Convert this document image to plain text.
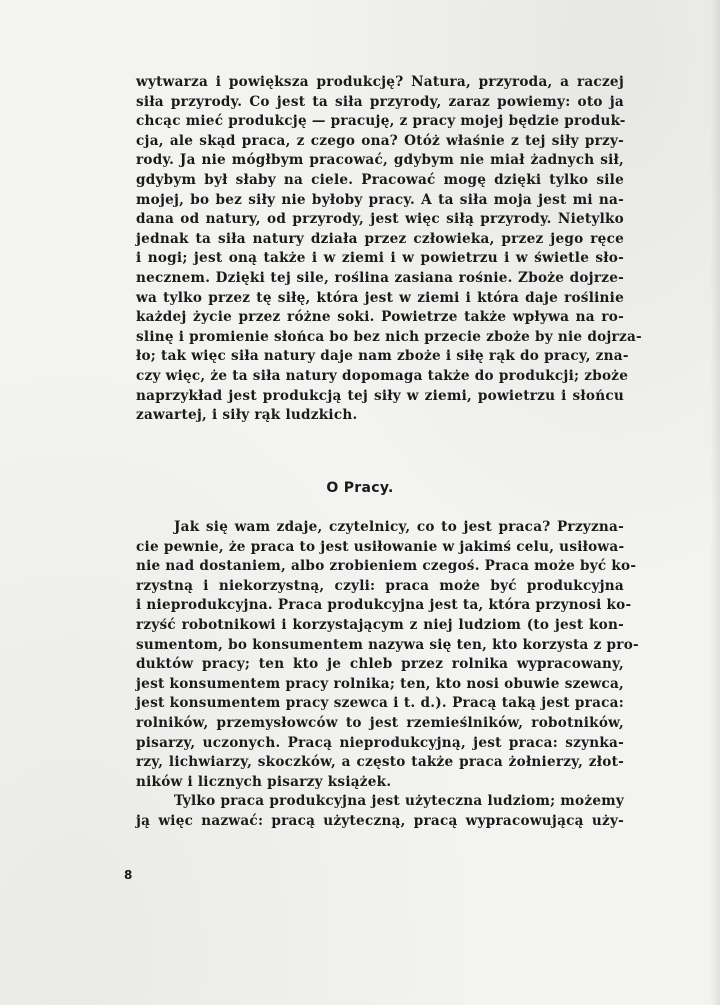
wytwarza i powiększa produkcję? Natura, przyroda, a raczej
siła przyrody. Co jest ta siła przyrody, zaraz powiemy: oto ja
chcąc mieć produkcję — pracuję, z pracy mojej będzie produk-
cja, ale skąd praca, z czego ona? Otóż właśnie z tej siły przy-
rody. Ja nie mógłbym pracować, gdybym nie miał żadnych sił,
gdybym był słaby na ciele. Pracować mogę dzięki tylko sile
mojej, bo bez siły nie byłoby pracy. A ta siła moja jest mi na-
dana od natury, od przyrody, jest więc siłą przyrody. Nietylko
jednak ta siła natury działa przez człowieka, przez jego ręce
i nogi; jest oną także i w ziemi i w powietrzu i w świetle sło-
necznem. Dzięki tej sile, roślina zasiana rośnie. Zboże dojrze-
wa tylko przez tę siłę, która jest w ziemi i która daje roślinie
każdej życie przez różne soki. Powietrze także wpływa na ro-
slinę i promienie słońca bo bez nich przecie zboże by nie dojrza-
ło; tak więc siła natury daje nam zboże i siłę rąk do pracy, zna-
czy więc, że ta siła natury dopomaga także do produkcji; zboże
naprzykład jest produkcją tej siły w ziemi, powietrzu i słońcu
zawartej, i siły rąk ludzkich.
O Pracy.
Jak się wam zdaje, czytelnicy, co to jest praca? Przyzna-
cie pewnie, że praca to jest usiłowanie w jakimś celu, usiłowa-
nie nad dostaniem, albo zrobieniem czegoś. Praca może być ko-
rzystną i niekorzystną, czyli: praca może być produkcyjna
i nieprodukcyjna. Praca produkcyjna jest ta, która przynosi ko-
rzyść robotnikowi i korzystającym z niej ludziom (to jest kon-
sumentom, bo konsumentem nazywa się ten, kto korzysta z pro-
duktów pracy; ten kto je chleb przez rolnika wypracowany,
jest konsumentem pracy rolnika; ten, kto nosi obuwie szewca,
jest konsumentem pracy szewca i t. d.). Pracą taką jest praca:
rolników, przemysłowców to jest rzemieślników, robotników,
pisarzy, uczonych. Pracą nieprodukcyjną, jest praca: szynka-
rzy, lichwiarzy, skoczków, a często także praca żołnierzy, złot-
ników i licznych pisarzy książek.
Tylko praca produkcyjna jest użyteczna ludziom; możemy
ją więc nazwać: pracą użyteczną, pracą wypracowującą uży-
8
